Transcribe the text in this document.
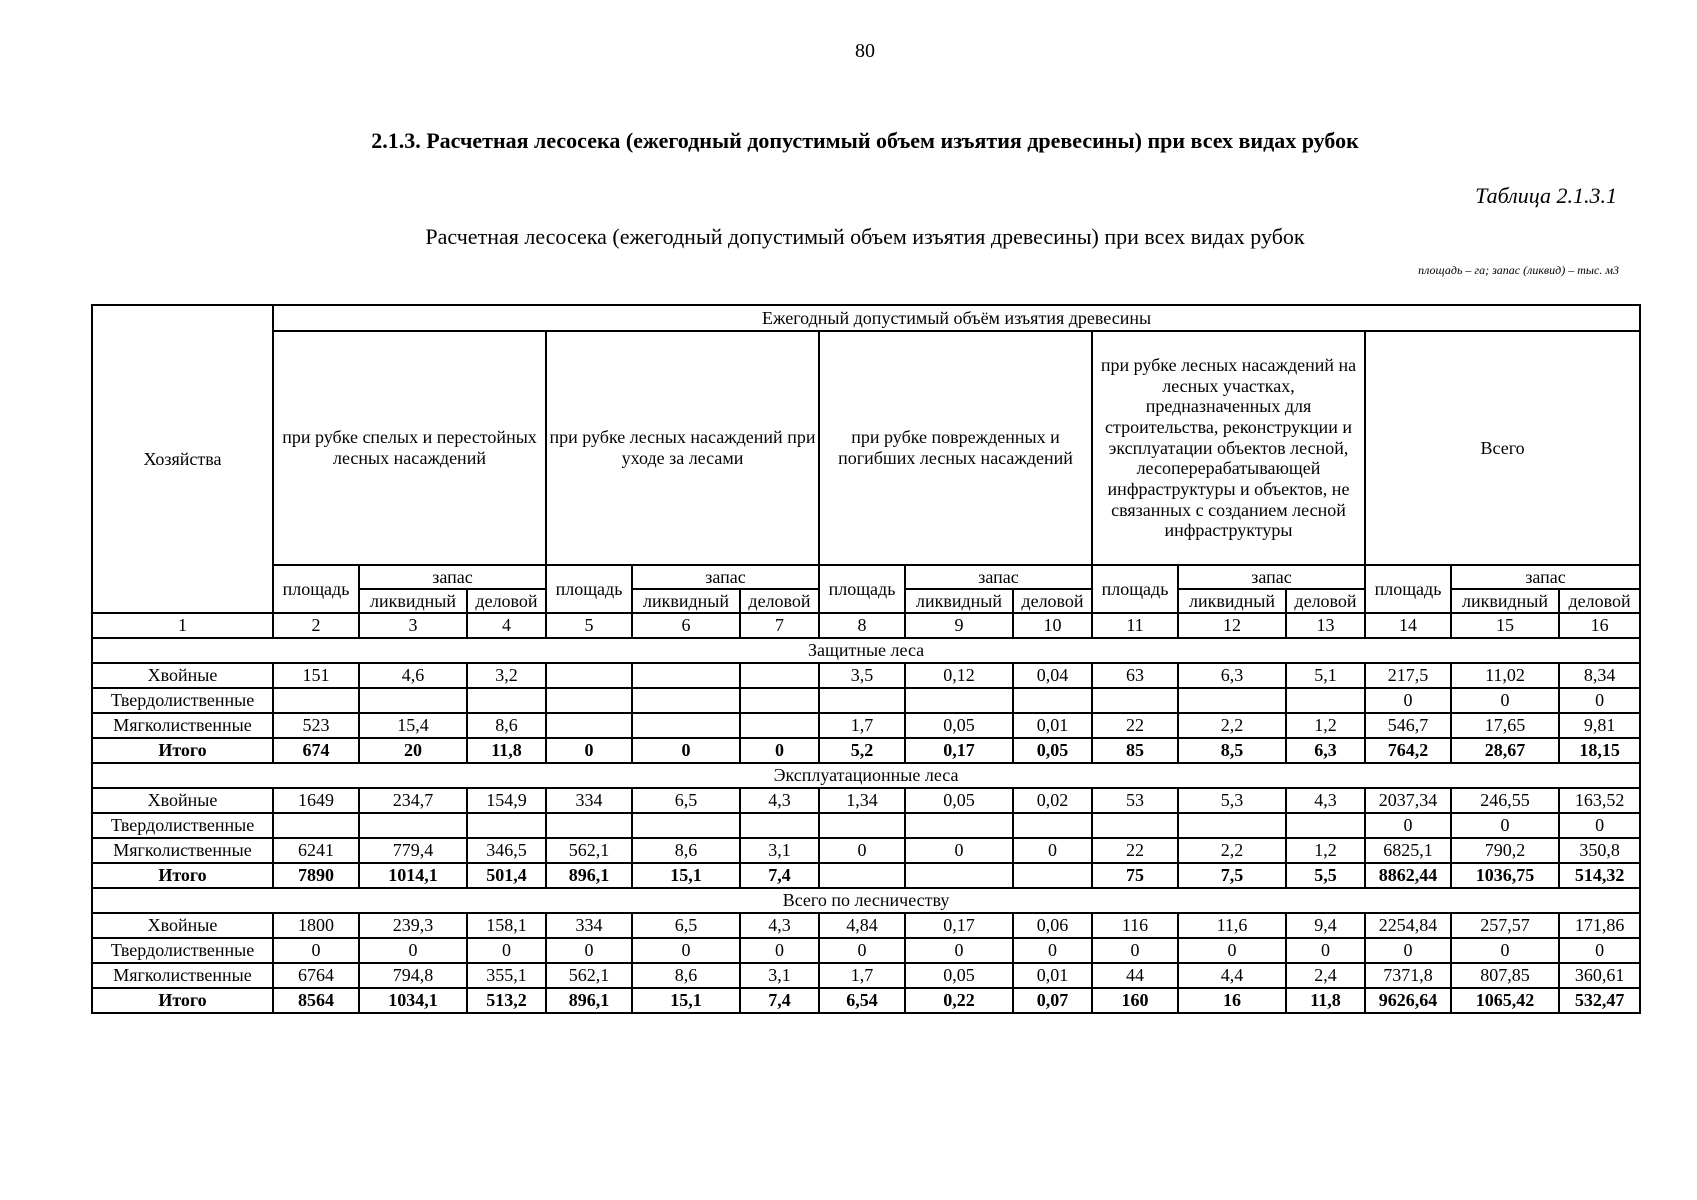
80
2.1.3. Расчетная лесосека (ежегодный допустимый объем изъятия древесины) при всех видах рубок
Таблица 2.1.3.1
Расчетная лесосека (ежегодный допустимый объем изъятия древесины) при всех видах рубок
площадь – га; запас (ликвид) – тыс. м3
Хозяйства	Ежегодный допустимый объём изъятия древесины														
	при рубке спелых и перестойных лесных насаждений			при рубке лесных насаждений при уходе за лесами			при рубке поврежденных и погибших лесных насаждений			при рубке лесных насаждений на лесных участках, предназначенных для строительства, реконструкции и эксплуатации объектов лесной, лесоперерабатывающей инфраструктуры и объектов, не связанных с созданием лесной инфраструктуры			Всего		
	площадь	запас		площадь	запас		площадь	запас		площадь	запас		площадь	запас	
		ликвидный	деловой		ликвидный	деловой		ликвидный	деловой		ликвидный	деловой		ликвидный	деловой
1	2	3	4	5	6	7	8	9	10	11	12	13	14	15	16
Защитные леса															
Хвойные	151	4,6	3,2				3,5	0,12	0,04	63	6,3	5,1	217,5	11,02	8,34
Твердолиственные													0	0	0
Мягколиственные	523	15,4	8,6				1,7	0,05	0,01	22	2,2	1,2	546,7	17,65	9,81
Итого	674	20	11,8	0	0	0	5,2	0,17	0,05	85	8,5	6,3	764,2	28,67	18,15
Эксплуатационные леса															
Хвойные	1649	234,7	154,9	334	6,5	4,3	1,34	0,05	0,02	53	5,3	4,3	2037,34	246,55	163,52
Твердолиственные													0	0	0
Мягколиственные	6241	779,4	346,5	562,1	8,6	3,1	0	0	0	22	2,2	1,2	6825,1	790,2	350,8
Итого	7890	1014,1	501,4	896,1	15,1	7,4				75	7,5	5,5	8862,44	1036,75	514,32
Всего по лесничеству															
Хвойные	1800	239,3	158,1	334	6,5	4,3	4,84	0,17	0,06	116	11,6	9,4	2254,84	257,57	171,86
Твердолиственные	0	0	0	0	0	0	0	0	0	0	0	0	0	0	0
Мягколиственные	6764	794,8	355,1	562,1	8,6	3,1	1,7	0,05	0,01	44	4,4	2,4	7371,8	807,85	360,61
Итого	8564	1034,1	513,2	896,1	15,1	7,4	6,54	0,22	0,07	160	16	11,8	9626,64	1065,42	532,47
